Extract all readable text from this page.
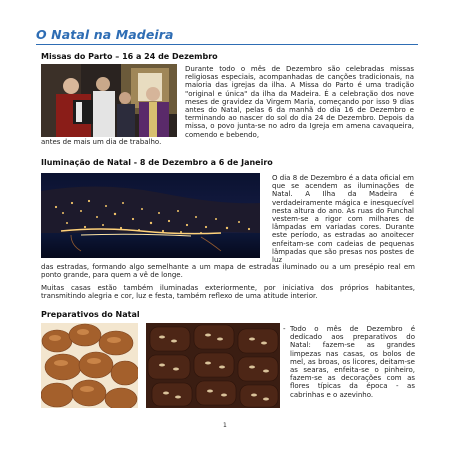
O Natal na Madeira
Missas do Parto – 16 a 24 de Dezembro
Durante todo o mês de Dezembro são celebradas missas religiosas especiais, acompanhadas de canções tradicionais, na maioria das igrejas da ilha. A Missa do Parto é uma tradição "original e única" da ilha da Madeira. É a celebração dos nove meses de gravidez da Virgem Maria, começando por isso 9 dias antes do Natal, pelas 6 da manhã do dia 16 de Dezembro e terminando ao nascer do sol do dia 24 de Dezembro. Depois da missa, o povo junta-se no adro da Igreja em amena cavaqueira, comendo e bebendo,
antes de mais um dia de trabalho.
Iluminação de Natal - 8 de Dezembro a 6 de Janeiro
O dia 8 de Dezembro é a data oficial em que se acendem as iluminações de Natal. A Ilha da Madeira é verdadeiramente mágica e inesquecível nesta altura do ano. As ruas do Funchal vestem-se a rigor com milhares de lâmpadas em variadas cores. Durante este período, as estradas ao anoitecer enfeitam-se com cadeias de pequenas lâmpadas que são presas nos postes de luz
das estradas, formando algo semelhante a um mapa de estradas iluminado ou a um presépio real em ponto grande, para quem a vê de longe.
Muitas casas estão também iluminadas exteriormente, por iniciativa dos próprios habitantes, transmitindo alegria e cor, luz e festa, também reflexo de uma atitude interior.
Preparativos do Natal
- Todo o mês de Dezembro é dedicado aos preparativos do Natal: fazem-se as grandes limpezas nas casas, os bolos de mel, as broas, os licores, deitam-se as searas, enfeita-se o pinheiro, fazem-se as decorações com as flores típicas da época - as cabrinhas e o azevinho.
1
